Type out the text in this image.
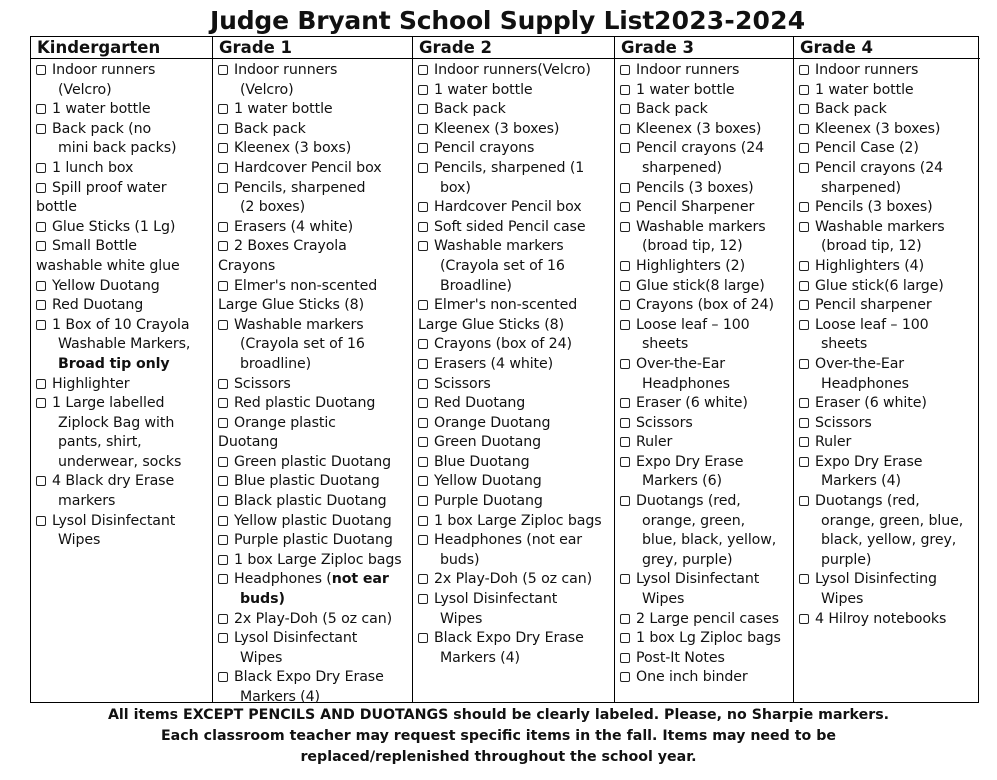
Judge Bryant School Supply List 2023-2024
Kindergarten
Indoor runners
(Velcro)
1 water bottle
Back pack (no
mini back packs)
1 lunch box
Spill proof water
bottle
Glue Sticks (1 Lg)
Small Bottle
washable white glue
Yellow Duotang
Red Duotang
1 Box of 10 Crayola
Washable Markers,
Broad tip only
Highlighter
1 Large labelled
Ziplock Bag with
pants, shirt,
underwear, socks
4 Black dry Erase
markers
Lysol Disinfectant
Wipes
Grade 1
Indoor runners
(Velcro)
1 water bottle
Back pack
Kleenex (3 boxs)
Hardcover Pencil box
Pencils, sharpened
(2 boxes)
Erasers (4 white)
2 Boxes Crayola
Crayons
Elmer's non-scented
Large Glue Sticks (8)
Washable markers
(Crayola set of 16
broadline)
Scissors
Red plastic Duotang
Orange plastic
Duotang
Green plastic Duotang
Blue plastic Duotang
Black plastic Duotang
Yellow plastic Duotang
Purple plastic Duotang
1 box Large Ziploc bags
Headphones (not ear
buds)
2x Play-Doh (5 oz can)
Lysol Disinfectant
Wipes
Black Expo Dry Erase
Markers (4)
Grade 2
Indoor runners(Velcro)
1 water bottle
Back pack
Kleenex (3 boxes)
Pencil crayons
Pencils, sharpened (1
box)
Hardcover Pencil box
Soft sided Pencil case
Washable markers
(Crayola set of 16
Broadline)
Elmer's non-scented
Large Glue Sticks (8)
Crayons (box of 24)
Erasers (4 white)
Scissors
Red Duotang
Orange Duotang
Green Duotang
Blue Duotang
Yellow Duotang
Purple Duotang
1 box Large Ziploc bags
Headphones (not ear
buds)
2x Play-Doh (5 oz can)
Lysol Disinfectant
Wipes
Black Expo Dry Erase
Markers (4)
Grade 3
Indoor runners
1 water bottle
Back pack
Kleenex (3 boxes)
Pencil crayons (24
sharpened)
Pencils (3 boxes)
Pencil Sharpener
Washable markers
(broad tip, 12)
Highlighters (2)
Glue stick(8 large)
Crayons (box of 24)
Loose leaf – 100
sheets
Over-the-Ear
Headphones
Eraser (6 white)
Scissors
Ruler
Expo Dry Erase
Markers (6)
Duotangs (red,
orange, green,
blue, black, yellow,
grey, purple)
Lysol Disinfectant
Wipes
2 Large pencil cases
1 box Lg Ziploc bags
Post-It Notes
One inch binder
Grade 4
Indoor runners
1 water bottle
Back pack
Kleenex (3 boxes)
Pencil Case (2)
Pencil crayons (24
sharpened)
Pencils (3 boxes)
Washable markers
(broad tip, 12)
Highlighters (4)
Glue stick(6 large)
Pencil sharpener
Loose leaf – 100
sheets
Over-the-Ear
Headphones
Eraser (6 white)
Scissors
Ruler
Expo Dry Erase
Markers (4)
Duotangs (red,
orange, green, blue,
black, yellow, grey,
purple)
Lysol Disinfecting
Wipes
4 Hilroy notebooks
All items EXCEPT PENCILS AND DUOTANGS should be clearly labeled. Please, no Sharpie markers.
Each classroom teacher may request specific items in the fall. Items may need to be
replaced/replenished throughout the school year.
